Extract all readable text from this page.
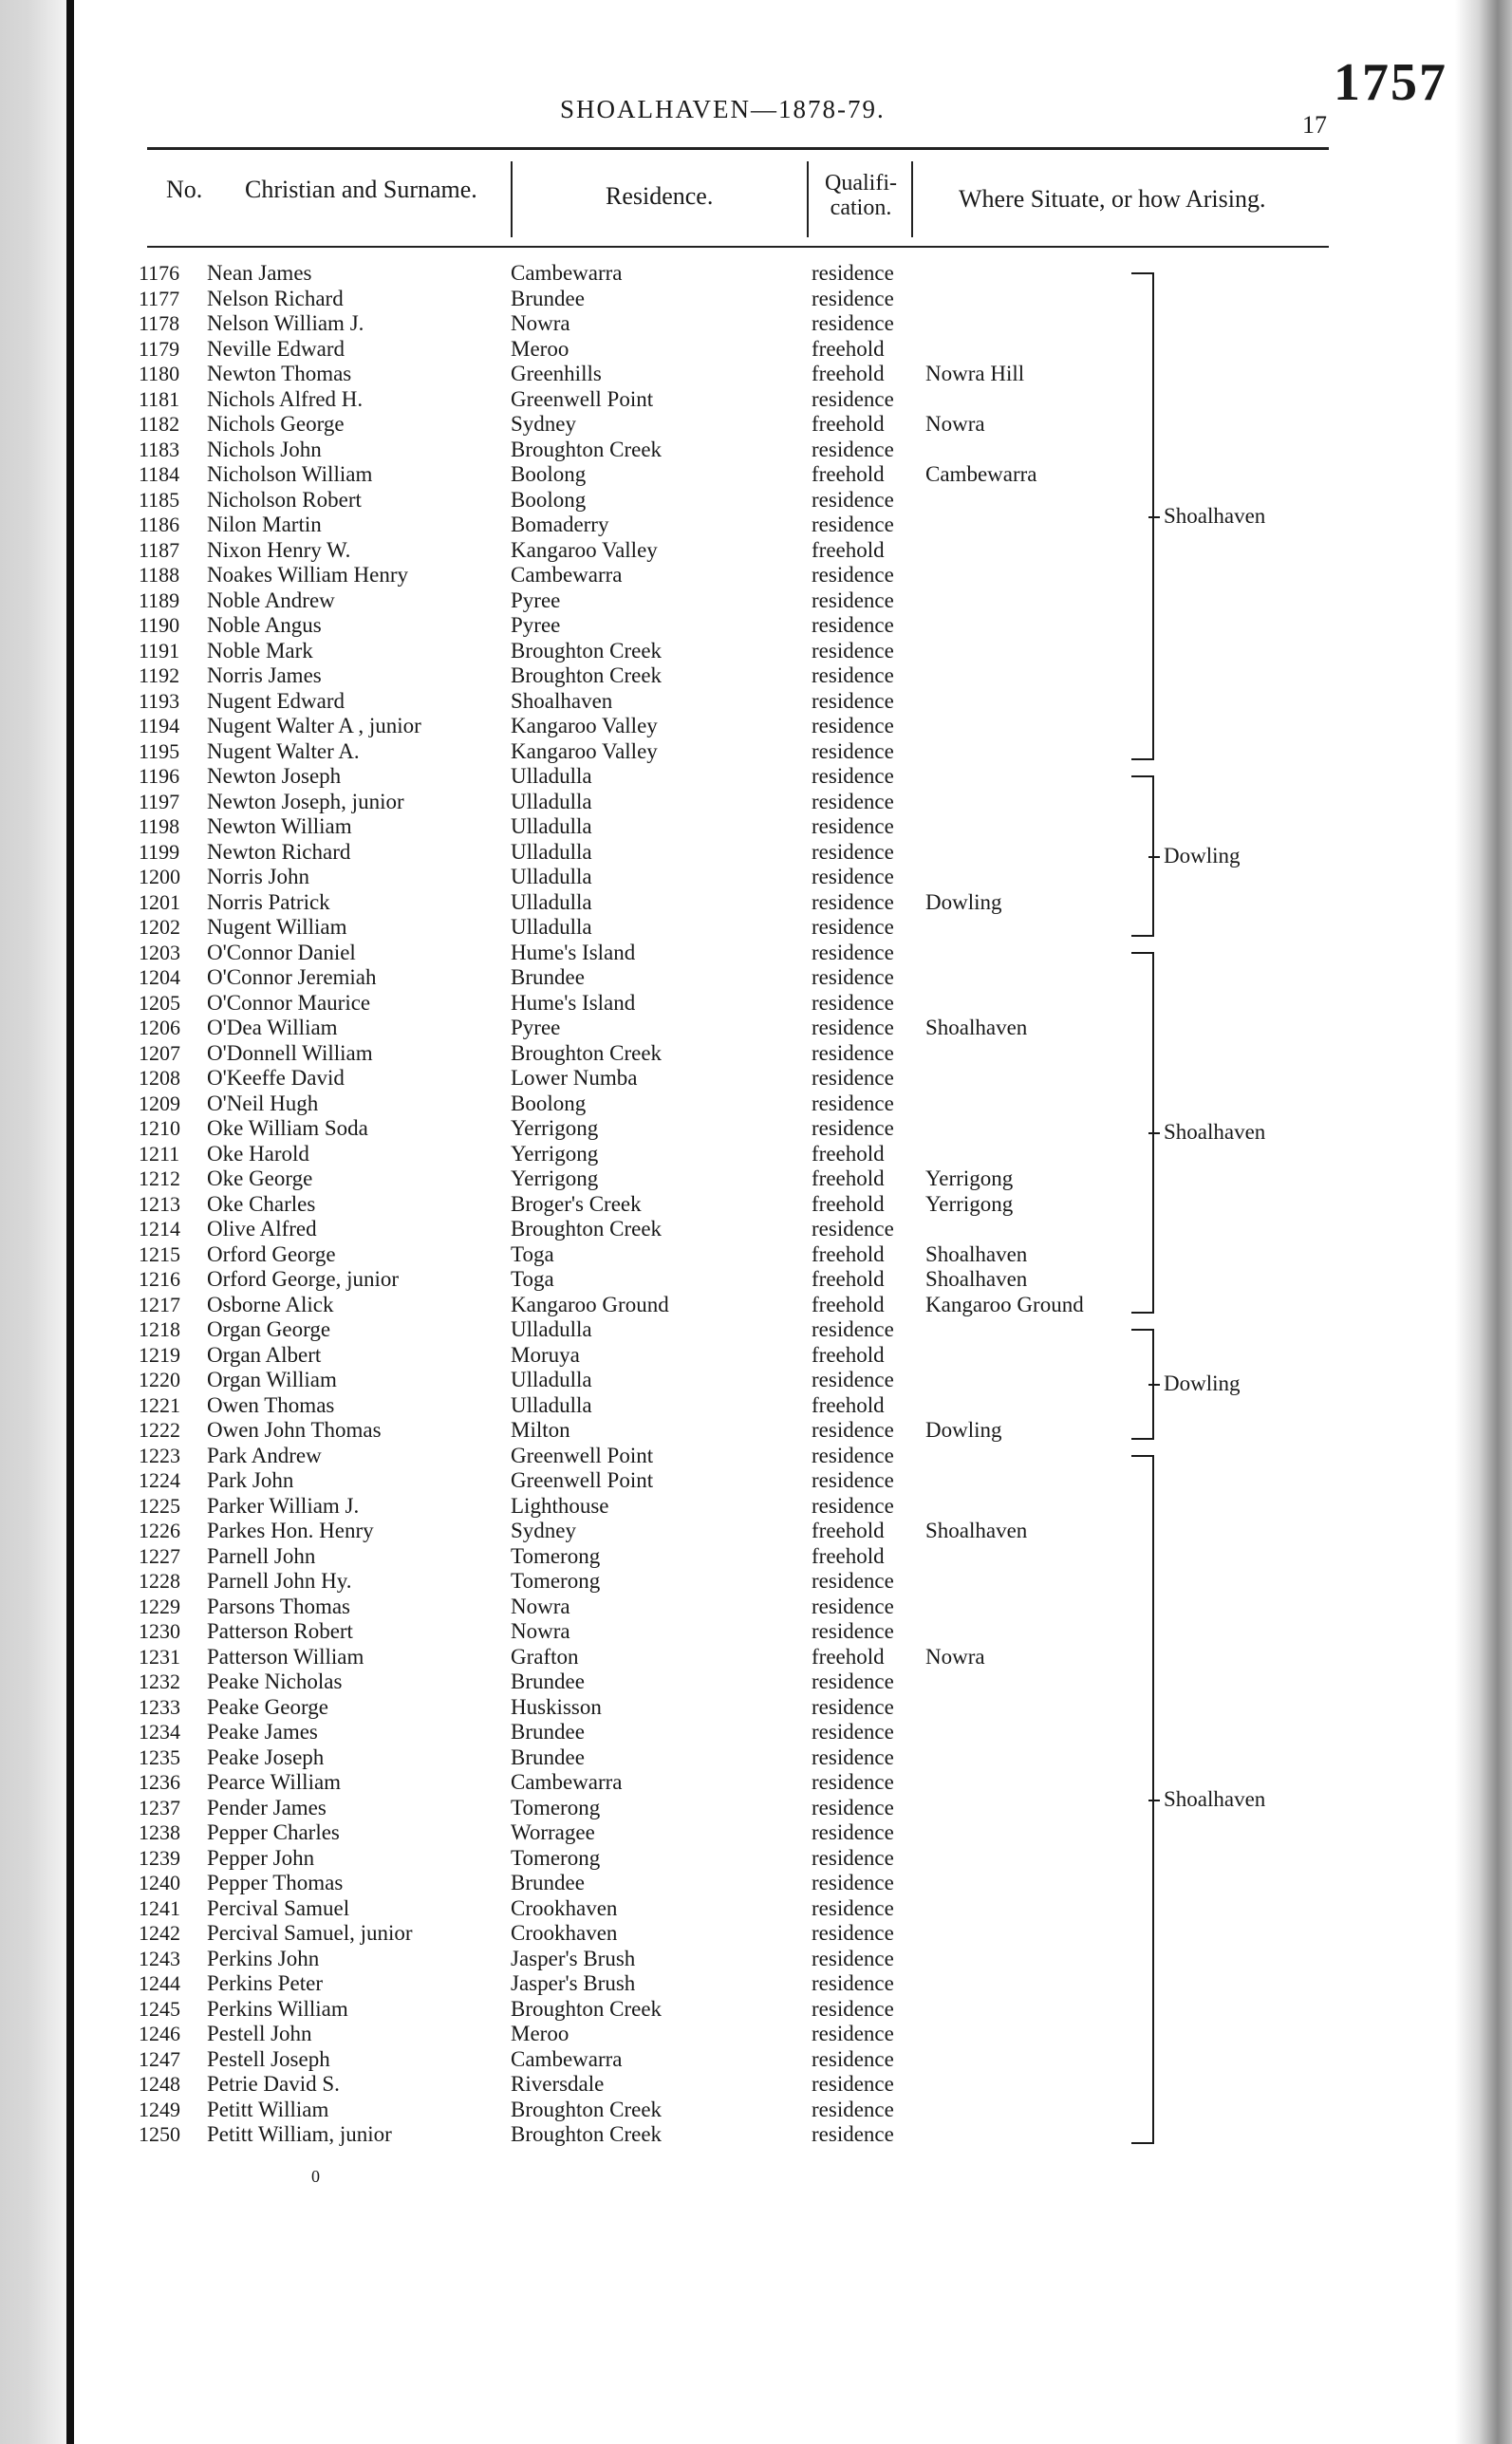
1757
17
SHOALHAVEN—1878-79.
No. Christian and Surname.	Residence.	Qualifi-
cation.	Where Situate, or how Arising.
1176	Nean James	Cambewarra	residence
1177	Nelson Richard	Brundee	residence
1178	Nelson William J.	Nowra	residence
1179	Neville Edward	Meroo	freehold
1180	Newton Thomas	Greenhills	freehold Nowra Hill
1181	Nichols Alfred H.	Greenwell Point	residence
1182	Nichols George	Sydney	freehold Nowra
1183	Nichols John	Broughton Creek	residence
1184	Nicholson William	Boolong	freehold Cambewarra
1185	Nicholson Robert	Boolong	residence
1186	Nilon Martin	Bomaderry	residence
1187	Nixon Henry W.	Kangaroo Valley	freehold
1188	Noakes William Henry	Cambewarra	residence
1189	Noble Andrew	Pyree	residence
1190	Noble Angus	Pyree	residence
1191	Noble Mark	Broughton Creek	residence
1192	Norris James	Broughton Creek	residence
1193	Nugent Edward	Shoalhaven	residence
1194	Nugent Walter A , junior	Kangaroo Valley	residence
1195	Nugent Walter A.	Kangaroo Valley	residence
1196	Newton Joseph	Ulladulla	residence
1197	Newton Joseph, junior	Ulladulla	residence
1198	Newton William	Ulladulla	residence
1199	Newton Richard	Ulladulla	residence
1200	Norris John	Ulladulla	residence
1201	Norris Patrick	Ulladulla	residence Dowling
1202	Nugent William	Ulladulla	residence
1203	O'Connor Daniel	Hume's Island	residence
1204	O'Connor Jeremiah	Brundee	residence
1205	O'Connor Maurice	Hume's Island	residence
1206	O'Dea William	Pyree	residence Shoalhaven
1207	O'Donnell William	Broughton Creek	residence
1208	O'Keeffe David	Lower Numba	residence
1209	O'Neil Hugh	Boolong	residence
1210	Oke William Soda	Yerrigong	residence
1211	Oke Harold	Yerrigong	freehold
1212	Oke George	Yerrigong	freehold Yerrigong
1213	Oke Charles	Broger's Creek	freehold Yerrigong
1214	Olive Alfred	Broughton Creek	residence
1215	Orford George	Toga	freehold Shoalhaven
1216	Orford George, junior	Toga	freehold Shoalhaven
1217	Osborne Alick	Kangaroo Ground	freehold Kangaroo Ground
1218	Organ George	Ulladulla	residence
1219	Organ Albert	Moruya	freehold
1220	Organ William	Ulladulla	residence
1221	Owen Thomas	Ulladulla	freehold
1222	Owen John Thomas	Milton	residence Dowling
1223	Park Andrew	Greenwell Point	residence
1224	Park John	Greenwell Point	residence
1225	Parker William J.	Lighthouse	residence
1226	Parkes Hon. Henry	Sydney	freehold Shoalhaven
1227	Parnell John	Tomerong	freehold
1228	Parnell John Hy.	Tomerong	residence
1229	Parsons Thomas	Nowra	residence
1230	Patterson Robert	Nowra	residence
1231	Patterson William	Grafton	freehold Nowra
1232	Peake Nicholas	Brundee	residence
1233	Peake George	Huskisson	residence
1234	Peake James	Brundee	residence
1235	Peake Joseph	Brundee	residence
1236	Pearce William	Cambewarra	residence
1237	Pender James	Tomerong	residence
1238	Pepper Charles	Worragee	residence
1239	Pepper John	Tomerong	residence
1240	Pepper Thomas	Brundee	residence
1241	Percival Samuel	Crookhaven	residence
1242	Percival Samuel, junior	Crookhaven	residence
1243	Perkins John	Jasper's Brush	residence
1244	Perkins Peter	Jasper's Brush	residence
1245	Perkins William	Broughton Creek	residence
1246	Pestell John	Meroo	residence
1247	Pestell Joseph	Cambewarra	residence
1248	Petrie David S.	Riversdale	residence
1249	Petitt William	Broughton Creek	residence
1250	Petitt William, junior	Broughton Creek	residence
Shoalhaven
Dowling
Shoalhaven
Dowling
Shoalhaven
0
